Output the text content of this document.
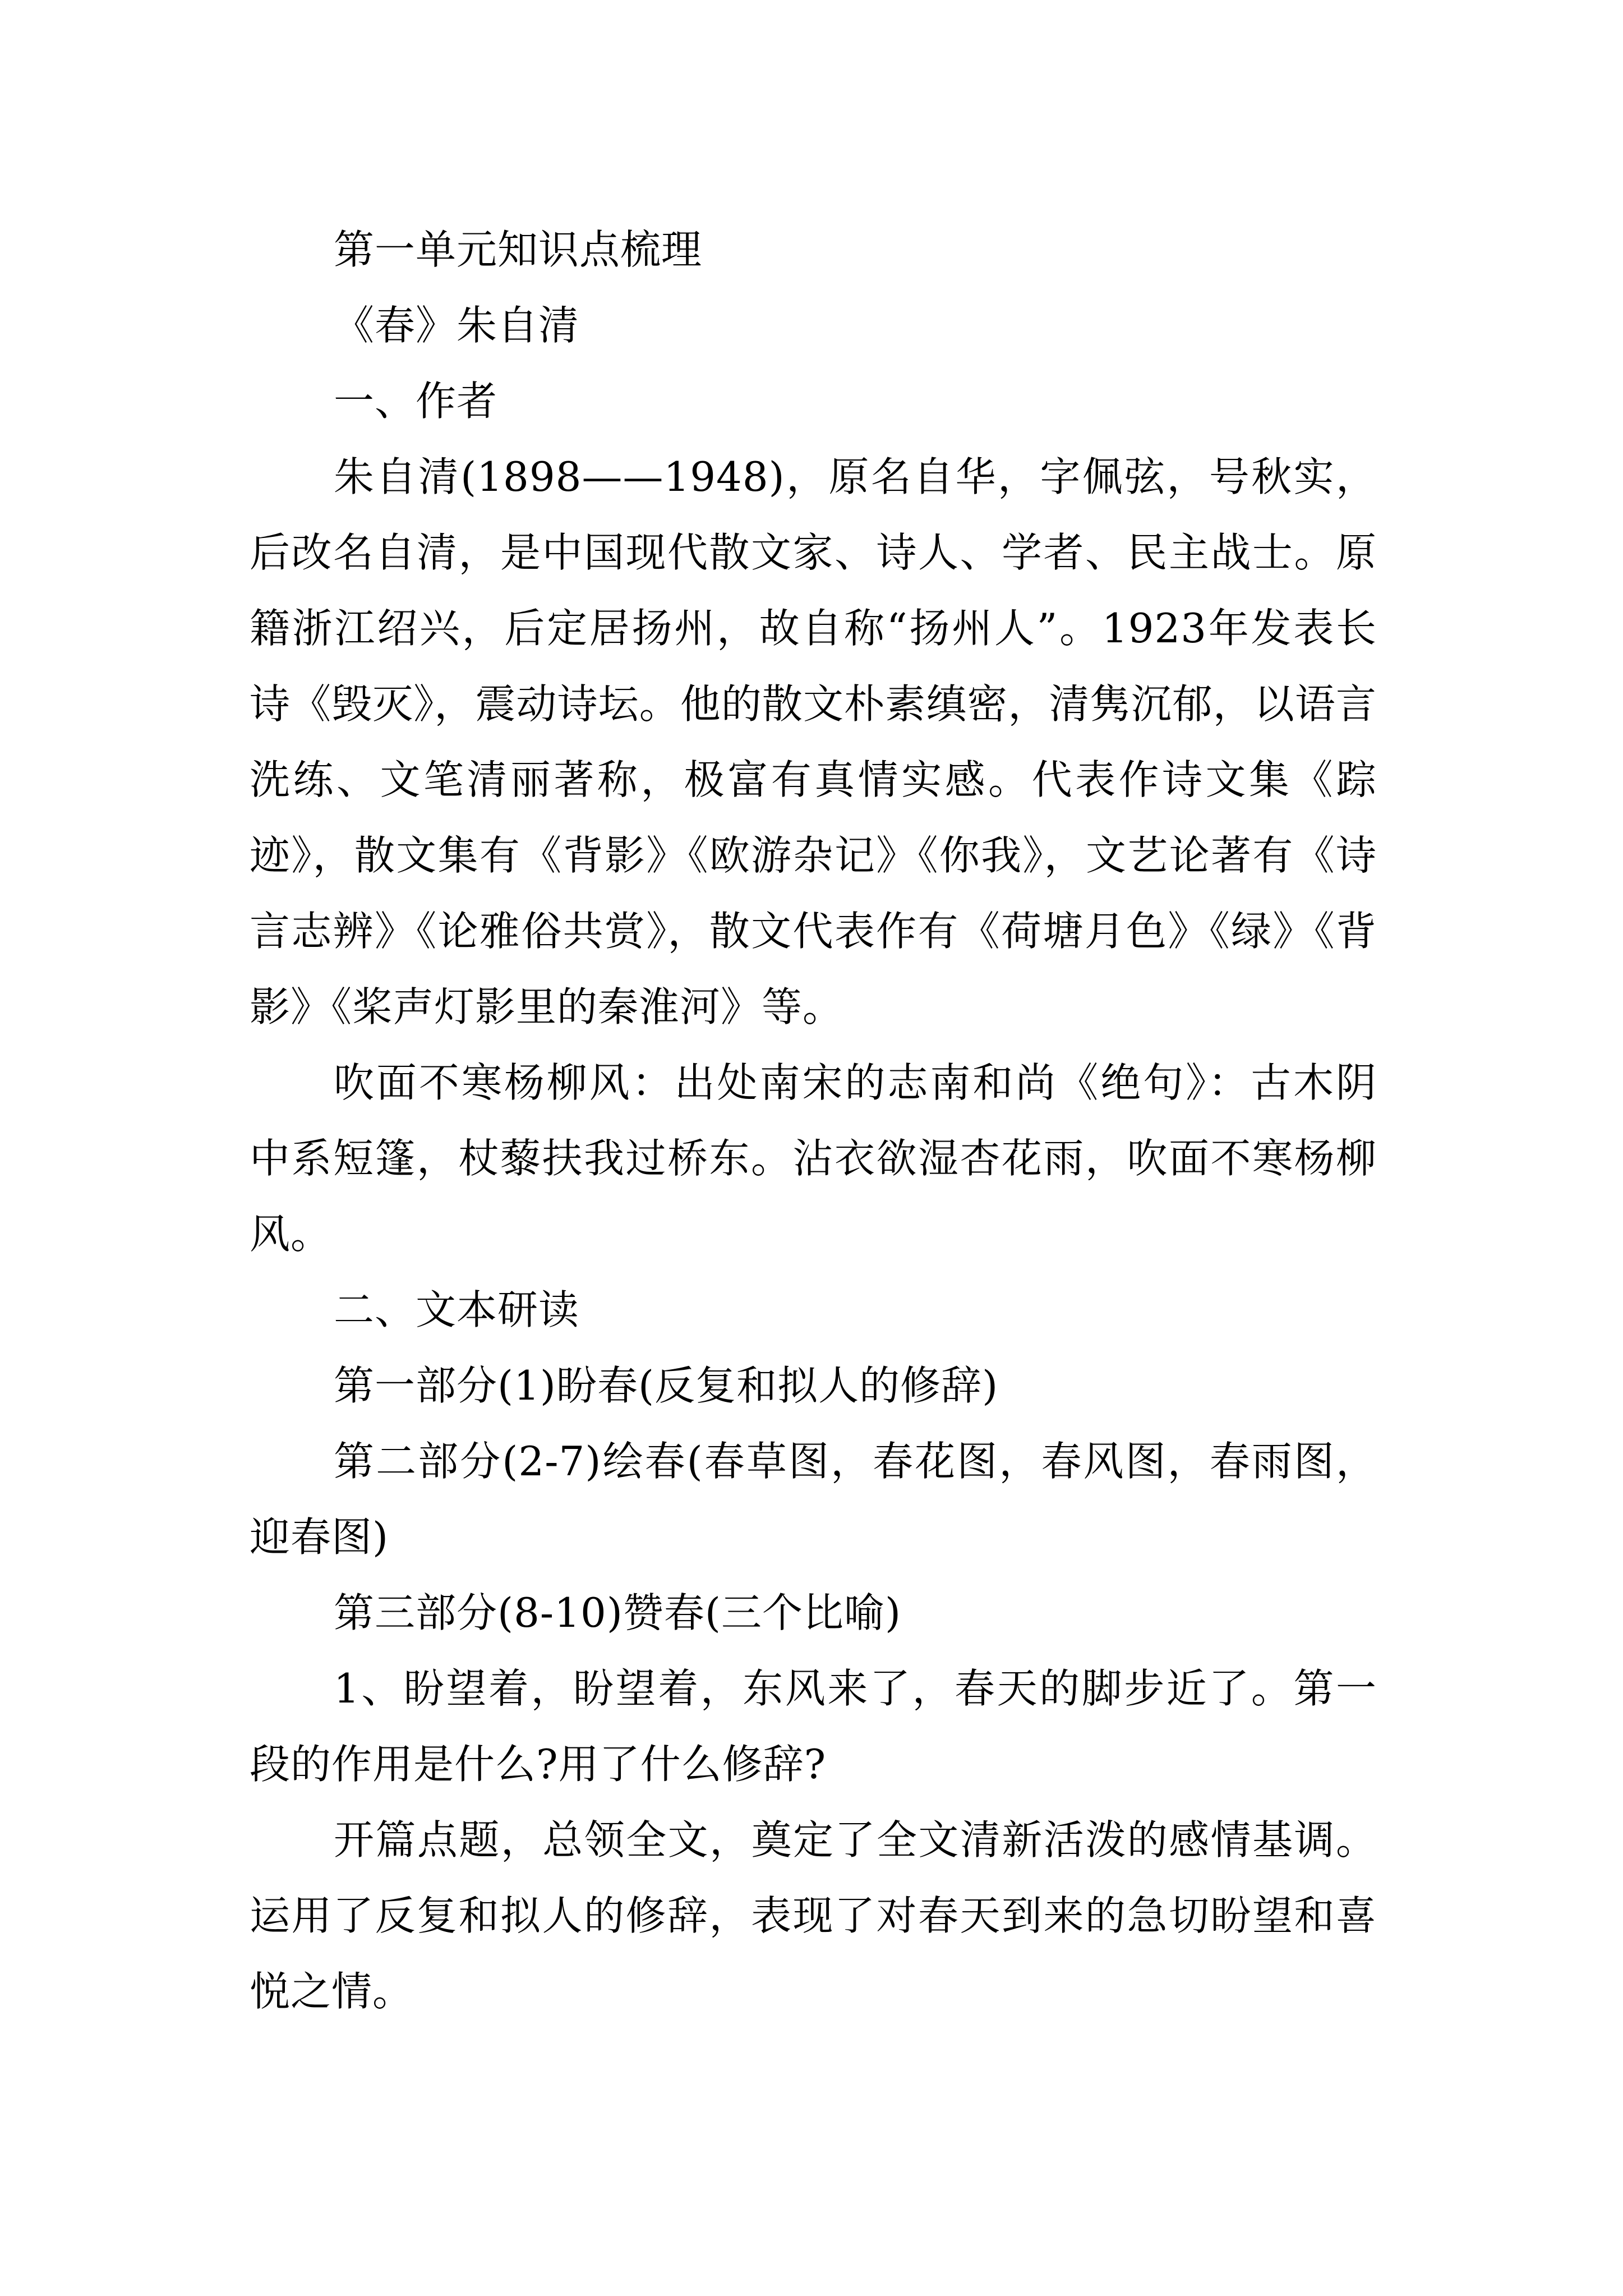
第一单元知识点梳理

《春》朱自清

一、作者

朱自清(1898——1948)，原名自华，字佩弦，号秋实，后改名自清，是中国现代散文家、诗人、学者、民主战士。原籍浙江绍兴，后定居扬州，故自称“扬州人”。1923年发表长诗《毁灭》，震动诗坛。他的散文朴素缜密，清隽沉郁，以语言洗练、文笔清丽著称，极富有真情实感。代表作诗文集《踪迹》，散文集有《背影》《欧游杂记》《你我》，文艺论著有《诗言志辨》《论雅俗共赏》，散文代表作有《荷塘月色》《绿》《背影》《桨声灯影里的秦淮河》等。

吹面不寒杨柳风：出处南宋的志南和尚《绝句》：古木阴中系短篷，杖藜扶我过桥东。沾衣欲湿杏花雨，吹面不寒杨柳风。

二、文本研读

第一部分(1)盼春(反复和拟人的修辞)

第二部分(2-7)绘春(春草图，春花图，春风图，春雨图，迎春图)

第三部分(8-10)赞春(三个比喻)

1、盼望着，盼望着，东风来了，春天的脚步近了。第一段的作用是什么?用了什么修辞?

开篇点题，总领全文，奠定了全文清新活泼的感情基调。运用了反复和拟人的修辞，表现了对春天到来的急切盼望和喜悦之情。
